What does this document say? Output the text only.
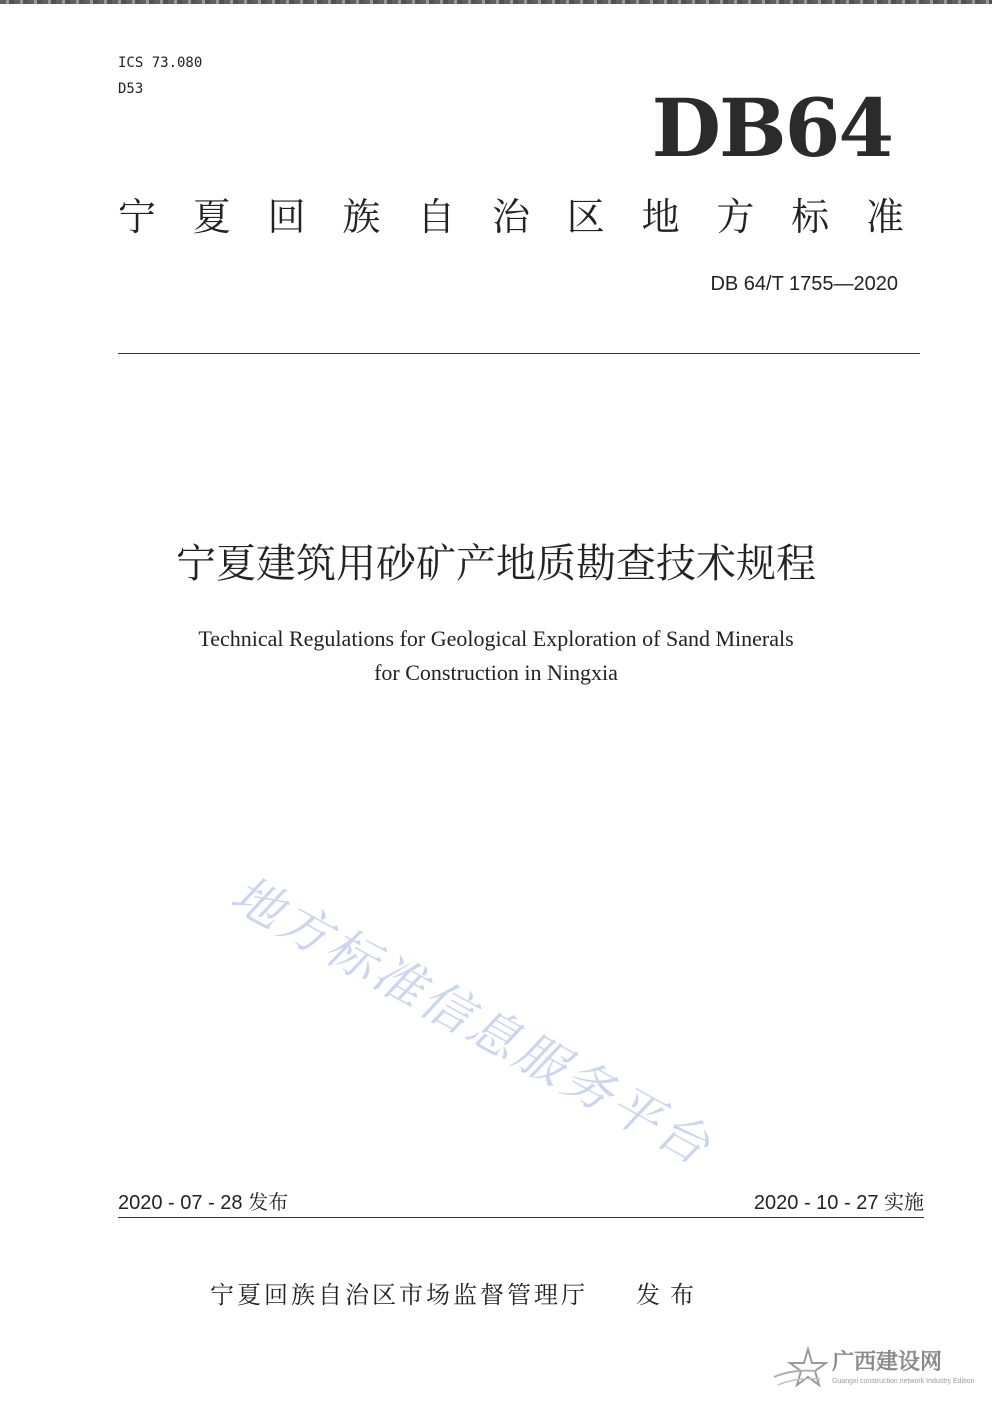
ICS 73.080
D53	DB64
宁 夏 回 族 自 治 区 地 方 标 准
DB 64/T 1755—2020
宁夏建筑用砂矿产地质勘查技术规程
Technical Regulations for Geological Exploration of Sand Minerals
for Construction in Ningxia
地方标准信息服务平台
2020 - 07 - 28 发布	2020 - 10 - 27 实施
宁夏回族自治区市场监督管理厅 发布
广西建设网
Guangxi construction network Industry Edition
